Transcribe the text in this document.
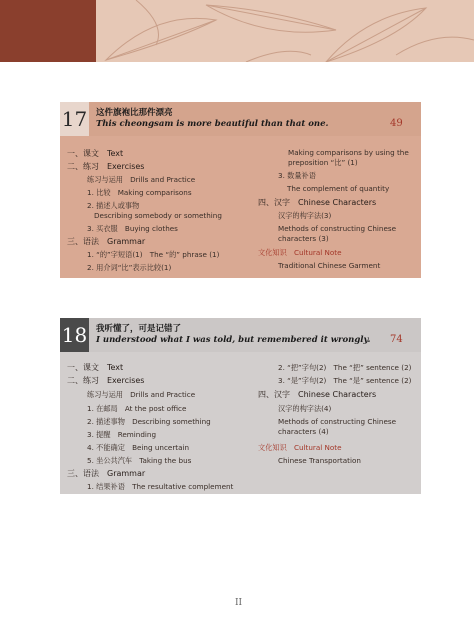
17 这件旗袍比那件漂亮
This cheongsam is more beautiful than that one.	49
一、课文　Text
二、练习　Exercises
练习与运用　Drills and Practice
1. 比较　Making comparisons
2. 描述人或事物
Describing somebody or something
3. 买衣服　Buying clothes
三、语法　Grammar
1. “的”字短语(1)　The “的” phrase (1)
2. 用介词“比”表示比较(1)
Making comparisons by using the
preposition “比” (1)
3. 数量补语
The complement of quantity
四、汉字　Chinese Characters
汉字的构字法(3)
Methods of constructing Chinese
characters (3)
文化知识　Cultural Note
Traditional Chinese Garment
18 我听懂了，可是记错了
I understood what I was told, but remembered it wrongly. 74
一、课文　Text
二、练习　Exercises
练习与运用　Drills and Practice
1. 在邮局　At the post office
2. 描述事物　Describing something
3. 提醒　Reminding
4. 不能确定　Being uncertain
5. 坐公共汽车　Taking the bus
三、语法　Grammar
1. 结果补语　The resultative complement
2. “把”字句(2)　The “把” sentence (2)
3. “是”字句(2)　The “是” sentence (2)
四、汉字　Chinese Characters
汉字的构字法(4)
Methods of constructing Chinese
characters (4)
文化知识　Cultural Note
Chinese Transportation
II
